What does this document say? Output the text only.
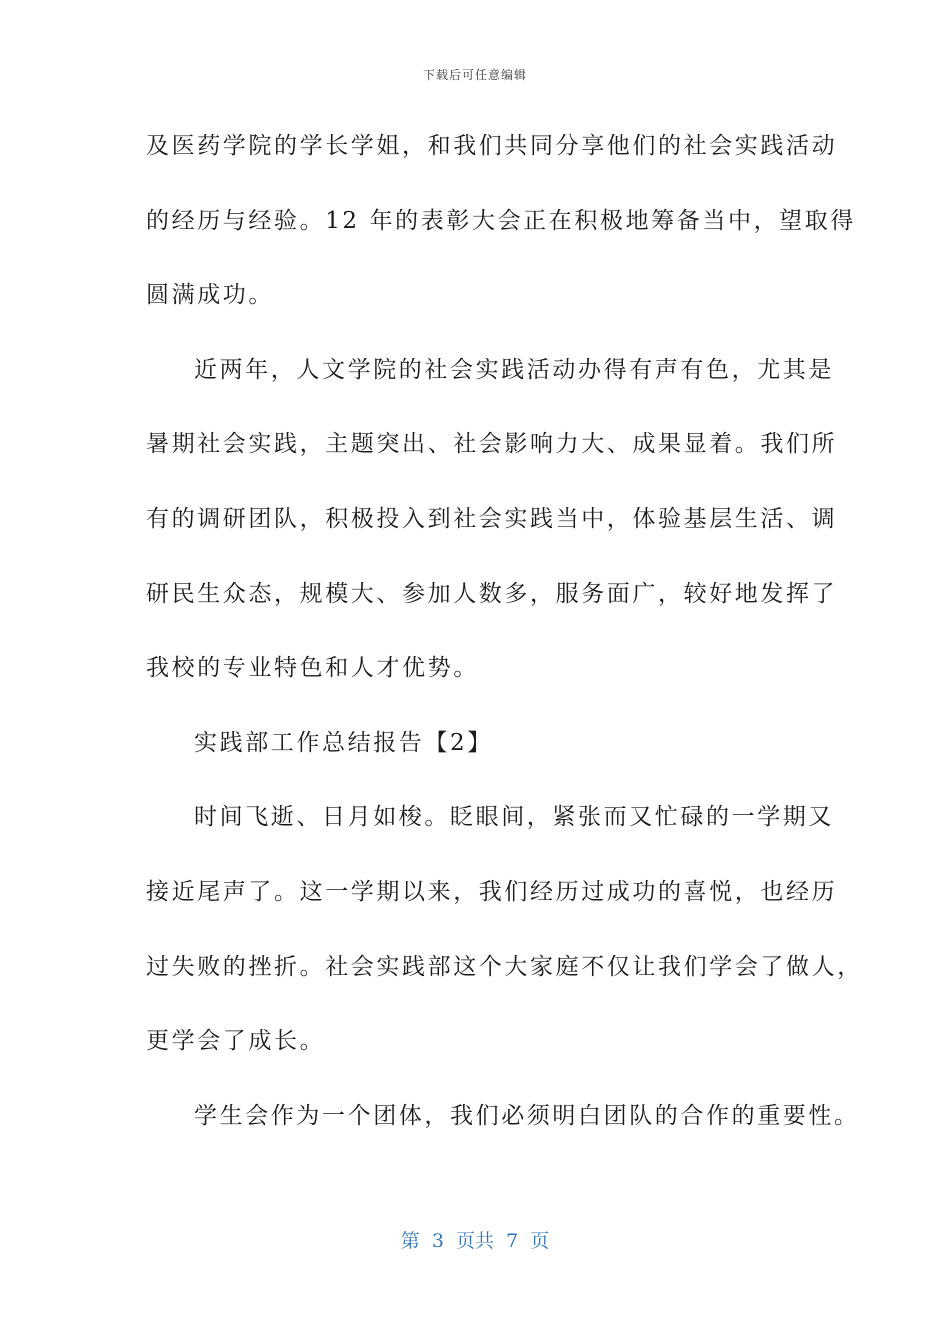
下载后可任意编辑
及医药学院的学长学姐，和我们共同分享他们的社会实践活动
的经历与经验。12 年的表彰大会正在积极地筹备当中，望取得
圆满成功。
近两年，人文学院的社会实践活动办得有声有色，尤其是
暑期社会实践，主题突出、社会影响力大、成果显着。我们所
有的调研团队，积极投入到社会实践当中，体验基层生活、调
研民生众态，规模大、参加人数多，服务面广，较好地发挥了
我校的专业特色和人才优势。
实践部工作总结报告【2】
时间飞逝、日月如梭。眨眼间，紧张而又忙碌的一学期又
接近尾声了。这一学期以来，我们经历过成功的喜悦，也经历
过失败的挫折。社会实践部这个大家庭不仅让我们学会了做人，
更学会了成长。
学生会作为一个团体，我们必须明白团队的合作的重要性。
第  3  页共  7  页
